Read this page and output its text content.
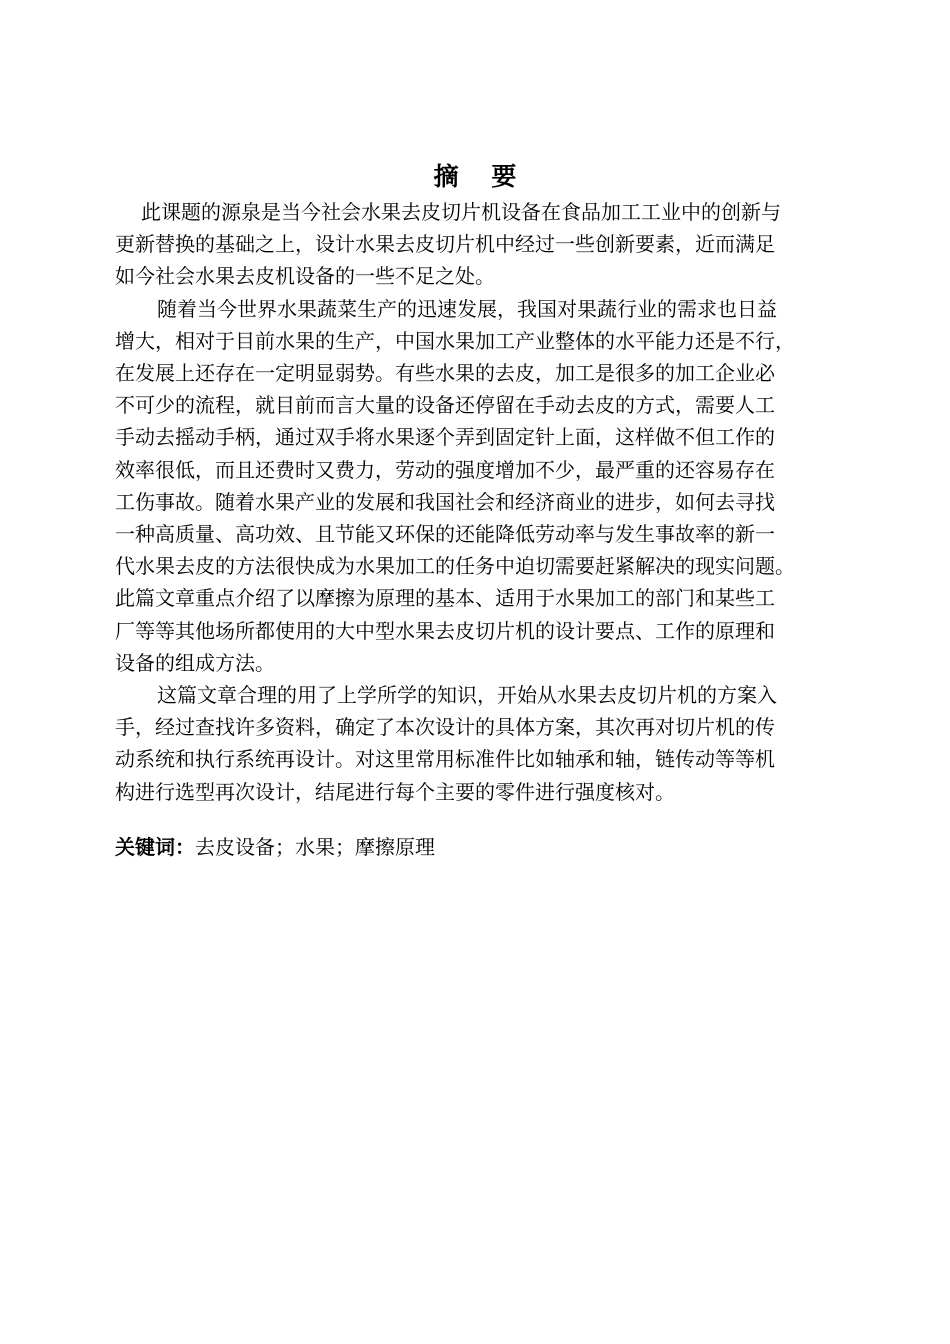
摘 要

此课题的源泉是当今社会水果去皮切片机设备在食品加工工业中的创新与
更新替换的基础之上，设计水果去皮切片机中经过一些创新要素，近而满足
如今社会水果去皮机设备的一些不足之处。

随着当今世界水果蔬菜生产的迅速发展，我国对果蔬行业的需求也日益
增大，相对于目前水果的生产，中国水果加工产业整体的水平能力还是不行，
在发展上还存在一定明显弱势。有些水果的去皮，加工是很多的加工企业必
不可少的流程，就目前而言大量的设备还停留在手动去皮的方式，需要人工
手动去摇动手柄，通过双手将水果逐个弄到固定针上面，这样做不但工作的
效率很低，而且还费时又费力，劳动的强度增加不少，最严重的还容易存在
工伤事故。随着水果产业的发展和我国社会和经济商业的进步，如何去寻找
一种高质量、高功效、且节能又环保的还能降低劳动率与发生事故率的新一
代水果去皮的方法很快成为水果加工的任务中迫切需要赶紧解决的现实问题。
此篇文章重点介绍了以摩擦为原理的基本、适用于水果加工的部门和某些工
厂等等其他场所都使用的大中型水果去皮切片机的设计要点、工作的原理和
设备的组成方法。

这篇文章合理的用了上学所学的知识，开始从水果去皮切片机的方案入
手，经过查找许多资料，确定了本次设计的具体方案，其次再对切片机的传
动系统和执行系统再设计。对这里常用标准件比如轴承和轴，链传动等等机
构进行选型再次设计，结尾进行每个主要的零件进行强度核对。

关键词：去皮设备；水果；摩擦原理
